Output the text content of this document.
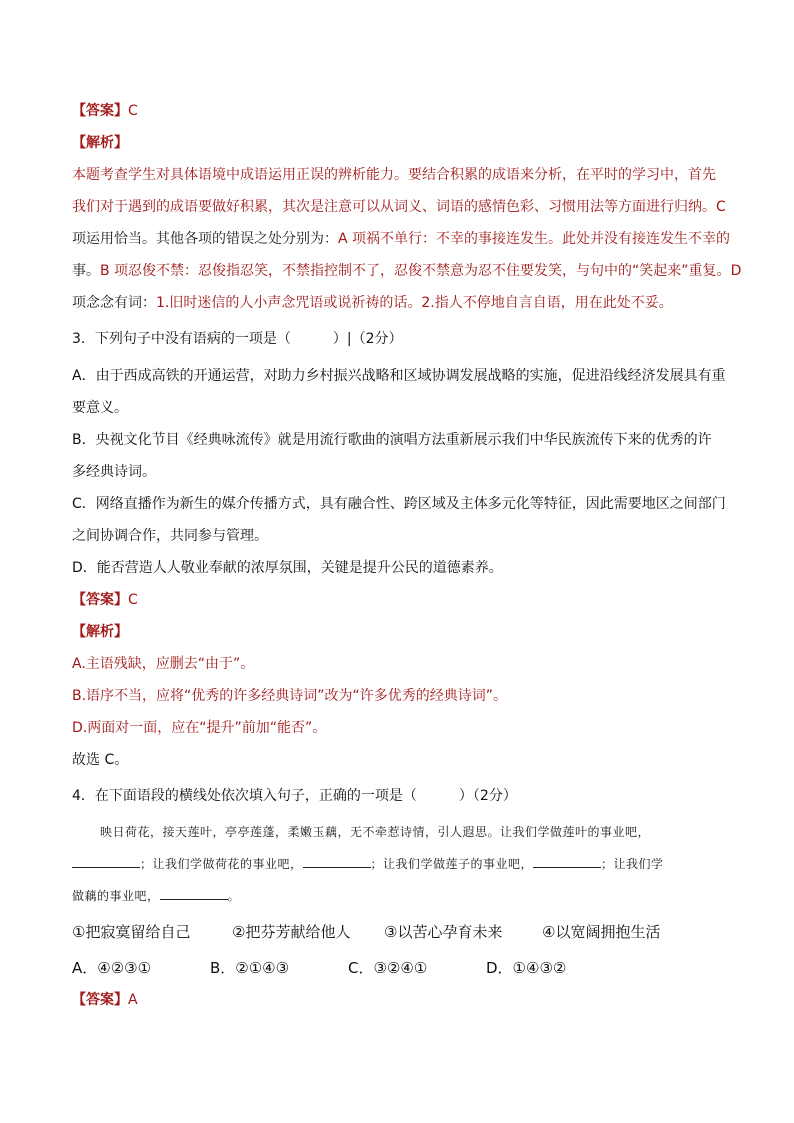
【答案】C
【解析】
本题考查学生对具体语境中成语运用正误的辨析能力。要结合积累的成语来分析，在平时的学习中，首先
我们对于遇到的成语要做好积累，其次是注意可以从词义、词语的感情色彩、习惯用法等方面进行归纳。C
项运用恰当。其他各项的错误之处分别为：A 项祸不单行：不幸的事接连发生。此处并没有接连发生不幸的
事。B 项忍俊不禁：忍俊指忍笑，不禁指控制不了，忍俊不禁意为忍不住要发笑，与句中的“笑起来”重复。D
项念念有词：1.旧时迷信的人小声念咒语或说祈祷的话。2.指人不停地自言自语，用在此处不妥。
3．下列句子中没有语病的一项是（　　　）|（2分）
A．由于西成高铁的开通运营，对助力乡村振兴战略和区域协调发展战略的实施，促进沿线经济发展具有重
要意义。
B．央视文化节目《经典咏流传》就是用流行歌曲的演唱方法重新展示我们中华民族流传下来的优秀的许
多经典诗词。
C．网络直播作为新生的媒介传播方式，具有融合性、跨区域及主体多元化等特征，因此需要地区之间部门
之间协调合作，共同参与管理。
D．能否营造人人敬业奉献的浓厚氛围，关键是提升公民的道德素养。
【答案】C
【解析】
A.主语残缺，应删去“由于”。
B.语序不当，应将“优秀的许多经典诗词”改为“许多优秀的经典诗词”。
D.两面对一面，应在“提升”前加“能否”。
故选 C。
4．在下面语段的横线处依次填入句子，正确的一项是（　　　）（2分）
映日荷花，接天莲叶，亭亭莲蓬，柔嫩玉藕，无不牵惹诗情，引人遐思。让我们学做莲叶的事业吧，
；让我们学做荷花的事业吧，	；让我们学做莲子的事业吧，	；让我们学
做藕的事业吧，	。
①把寂寞留给自己	②把芬芳献给他人 ③以苦心孕育未来	④以宽阔拥抱生活
A．④②③①	B．②①④③	C．③②④①	D．①④③②
【答案】A
